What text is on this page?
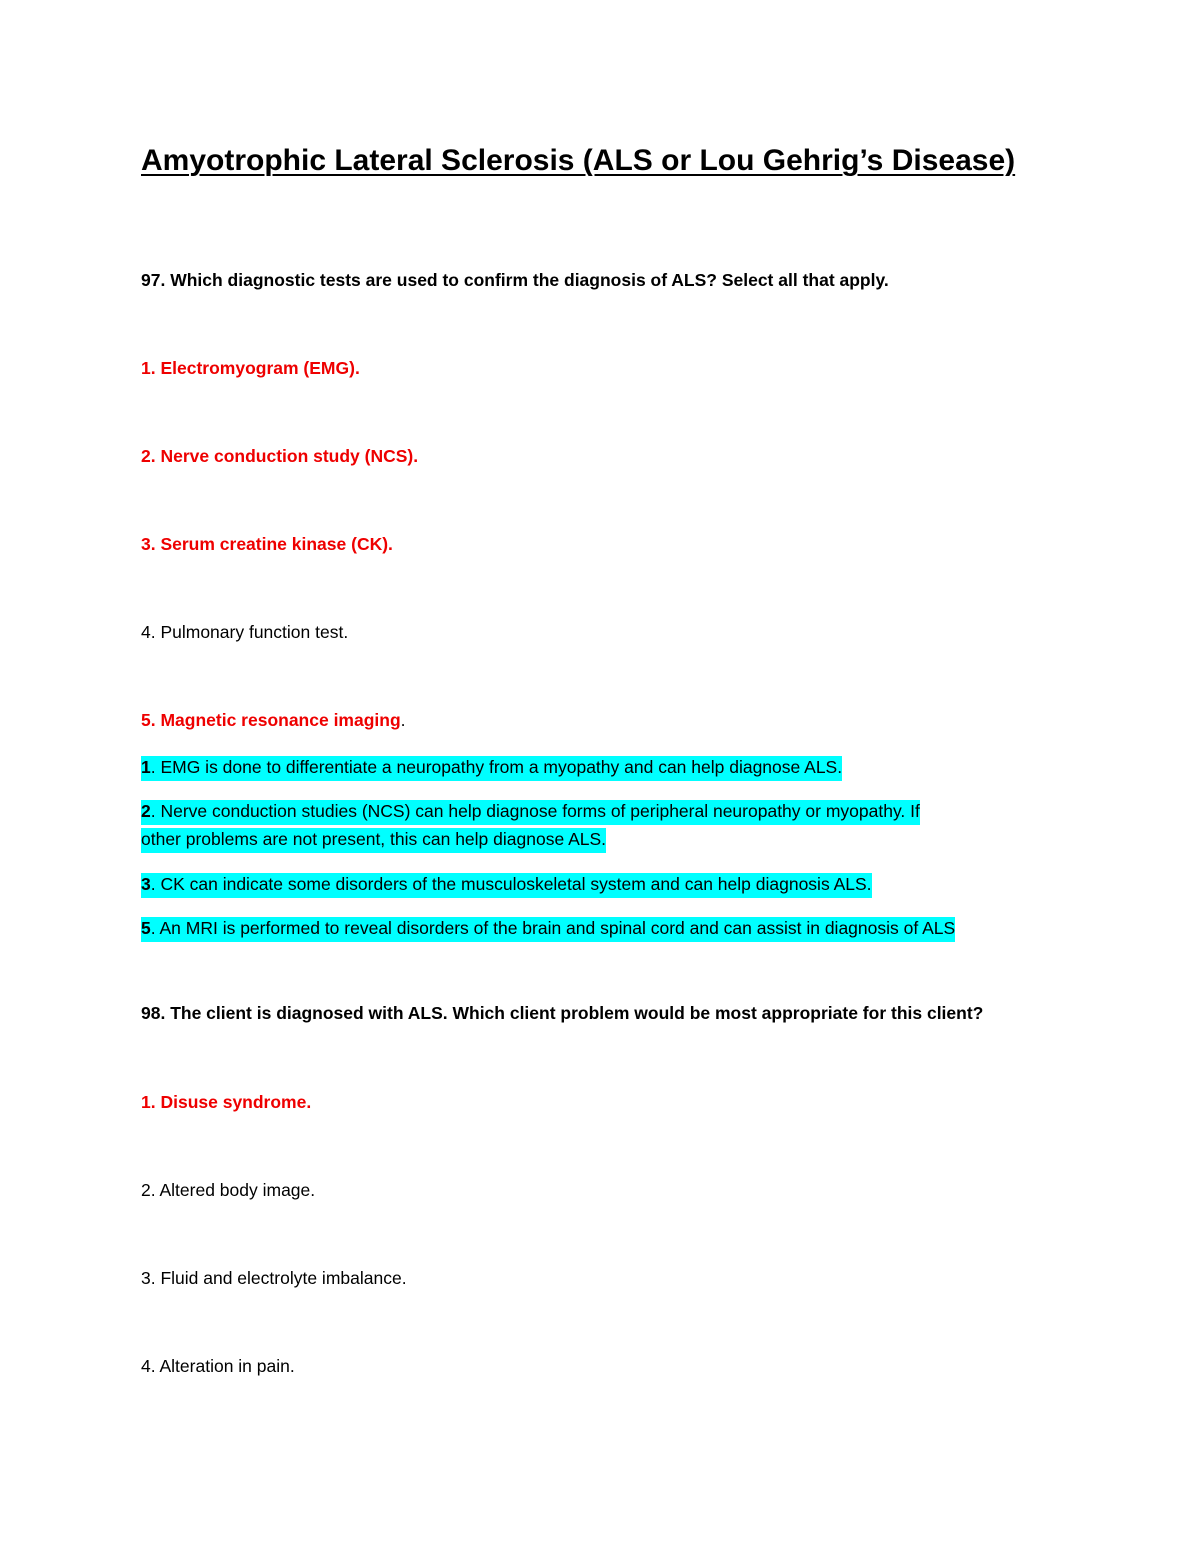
Amyotrophic Lateral Sclerosis (ALS or Lou Gehrig’s Disease)
97. Which diagnostic tests are used to confirm the diagnosis of ALS? Select all that apply.
1. Electromyogram (EMG).
2. Nerve conduction study (NCS).
3. Serum creatine kinase (CK).
4. Pulmonary function test.
5. Magnetic resonance imaging.
1. EMG is done to differentiate a neuropathy from a myopathy and can help diagnose ALS.
2. Nerve conduction studies (NCS) can help diagnose forms of peripheral neuropathy or myopathy. If
other problems are not present, this can help diagnose ALS.
3. CK can indicate some disorders of the musculoskeletal system and can help diagnosis ALS.
5. An MRI is performed to reveal disorders of the brain and spinal cord and can assist in diagnosis of ALS
98. The client is diagnosed with ALS. Which client problem would be most appropriate for this client?
1. Disuse syndrome.
2. Altered body image.
3. Fluid and electrolyte imbalance.
4. Alteration in pain.
